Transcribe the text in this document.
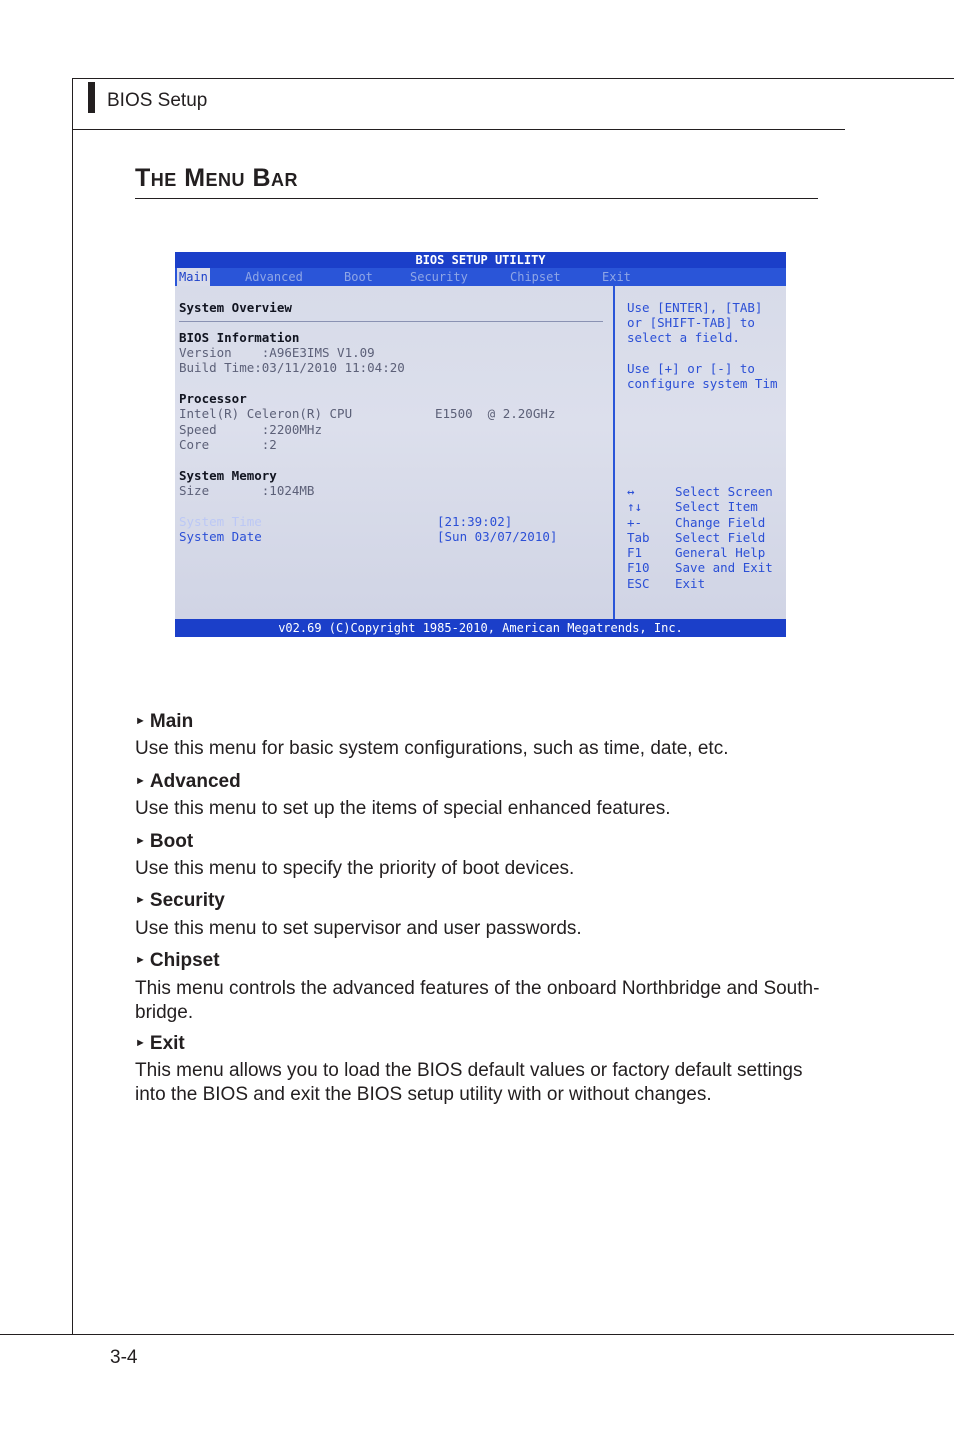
BIOS Setup
The Menu Bar
BIOS SETUP UTILITY
Main	Advanced	Boot	Security	Chipset	Exit
System Overview
BIOS Information
Version    :A96E3IMS V1.09
Build Time:03/11/2010 11:04:20
Processor
Intel(R) Celeron(R) CPU	E1500  @ 2.20GHz
Speed      :2200MHz
Core       :2
System Memory
Size       :1024MB
System Time	[21:39:02]
System Date	[Sun 03/07/2010]
Use [ENTER], [TAB]
or [SHIFT-TAB] to
select a field.
Use [+] or [-] to
configure system Tim
↔	Select Screen
↑↓	Select Item
+-	Change Field
Tab Select Field
F1	General Help
F10 Save and Exit
ESC Exit
v02.69 (C)Copyright 1985-2010, American Megatrends, Inc.
► Main
Use this menu for basic system configurations, such as time, date, etc.
► Advanced
Use this menu to set up the items of special enhanced features.
► Boot
Use this menu to specify the priority of boot devices.
► Security
Use this menu to set supervisor and user passwords.
► Chipset
This menu controls the advanced features of the onboard Northbridge and South-bridge.
► Exit
This menu allows you to load the BIOS default values or factory default settings into the BIOS and exit the BIOS setup utility with or without changes.
3-4
